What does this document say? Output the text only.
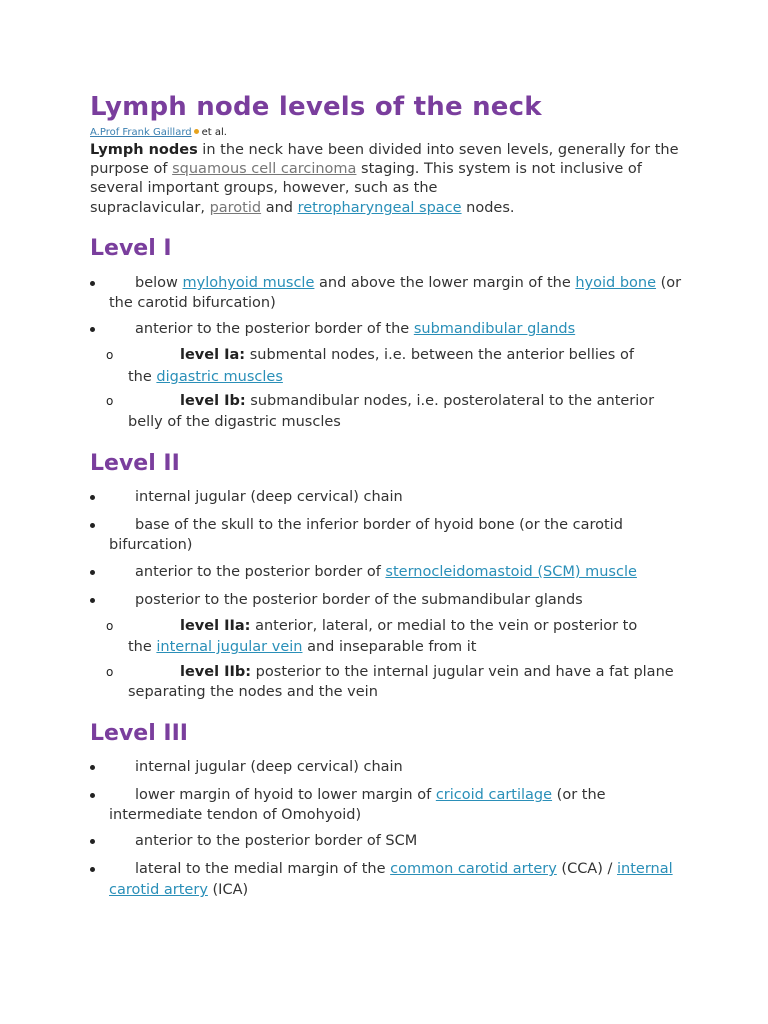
Lymph node levels of the neck
A.Prof Frank Gaillard et al.
Lymph nodes in the neck have been divided into seven levels, generally for the
purpose of squamous cell carcinoma staging. This system is not inclusive of
several important groups, however, such as the
supraclavicular, parotid and retropharyngeal space nodes.
Level I
below mylohyoid muscle and above the lower margin of the hyoid bone (or
the carotid bifurcation)
anterior to the posterior border of the submandibular glands
o	level Ia: submental nodes, i.e. between the anterior bellies of
the digastric muscles
o	level Ib: submandibular nodes, i.e. posterolateral to the anterior
belly of the digastric muscles
Level II
internal jugular (deep cervical) chain
base of the skull to the inferior border of hyoid bone (or the carotid
bifurcation)
anterior to the posterior border of sternocleidomastoid (SCM) muscle
posterior to the posterior border of the submandibular glands
o	level IIa: anterior, lateral, or medial to the vein or posterior to
the internal jugular vein and inseparable from it
o	level IIb: posterior to the internal jugular vein and have a fat plane
separating the nodes and the vein
Level III
internal jugular (deep cervical) chain
lower margin of hyoid to lower margin of cricoid cartilage (or the
intermediate tendon of Omohyoid)
anterior to the posterior border of SCM
lateral to the medial margin of the common carotid artery (CCA) / internal
carotid artery (ICA)
